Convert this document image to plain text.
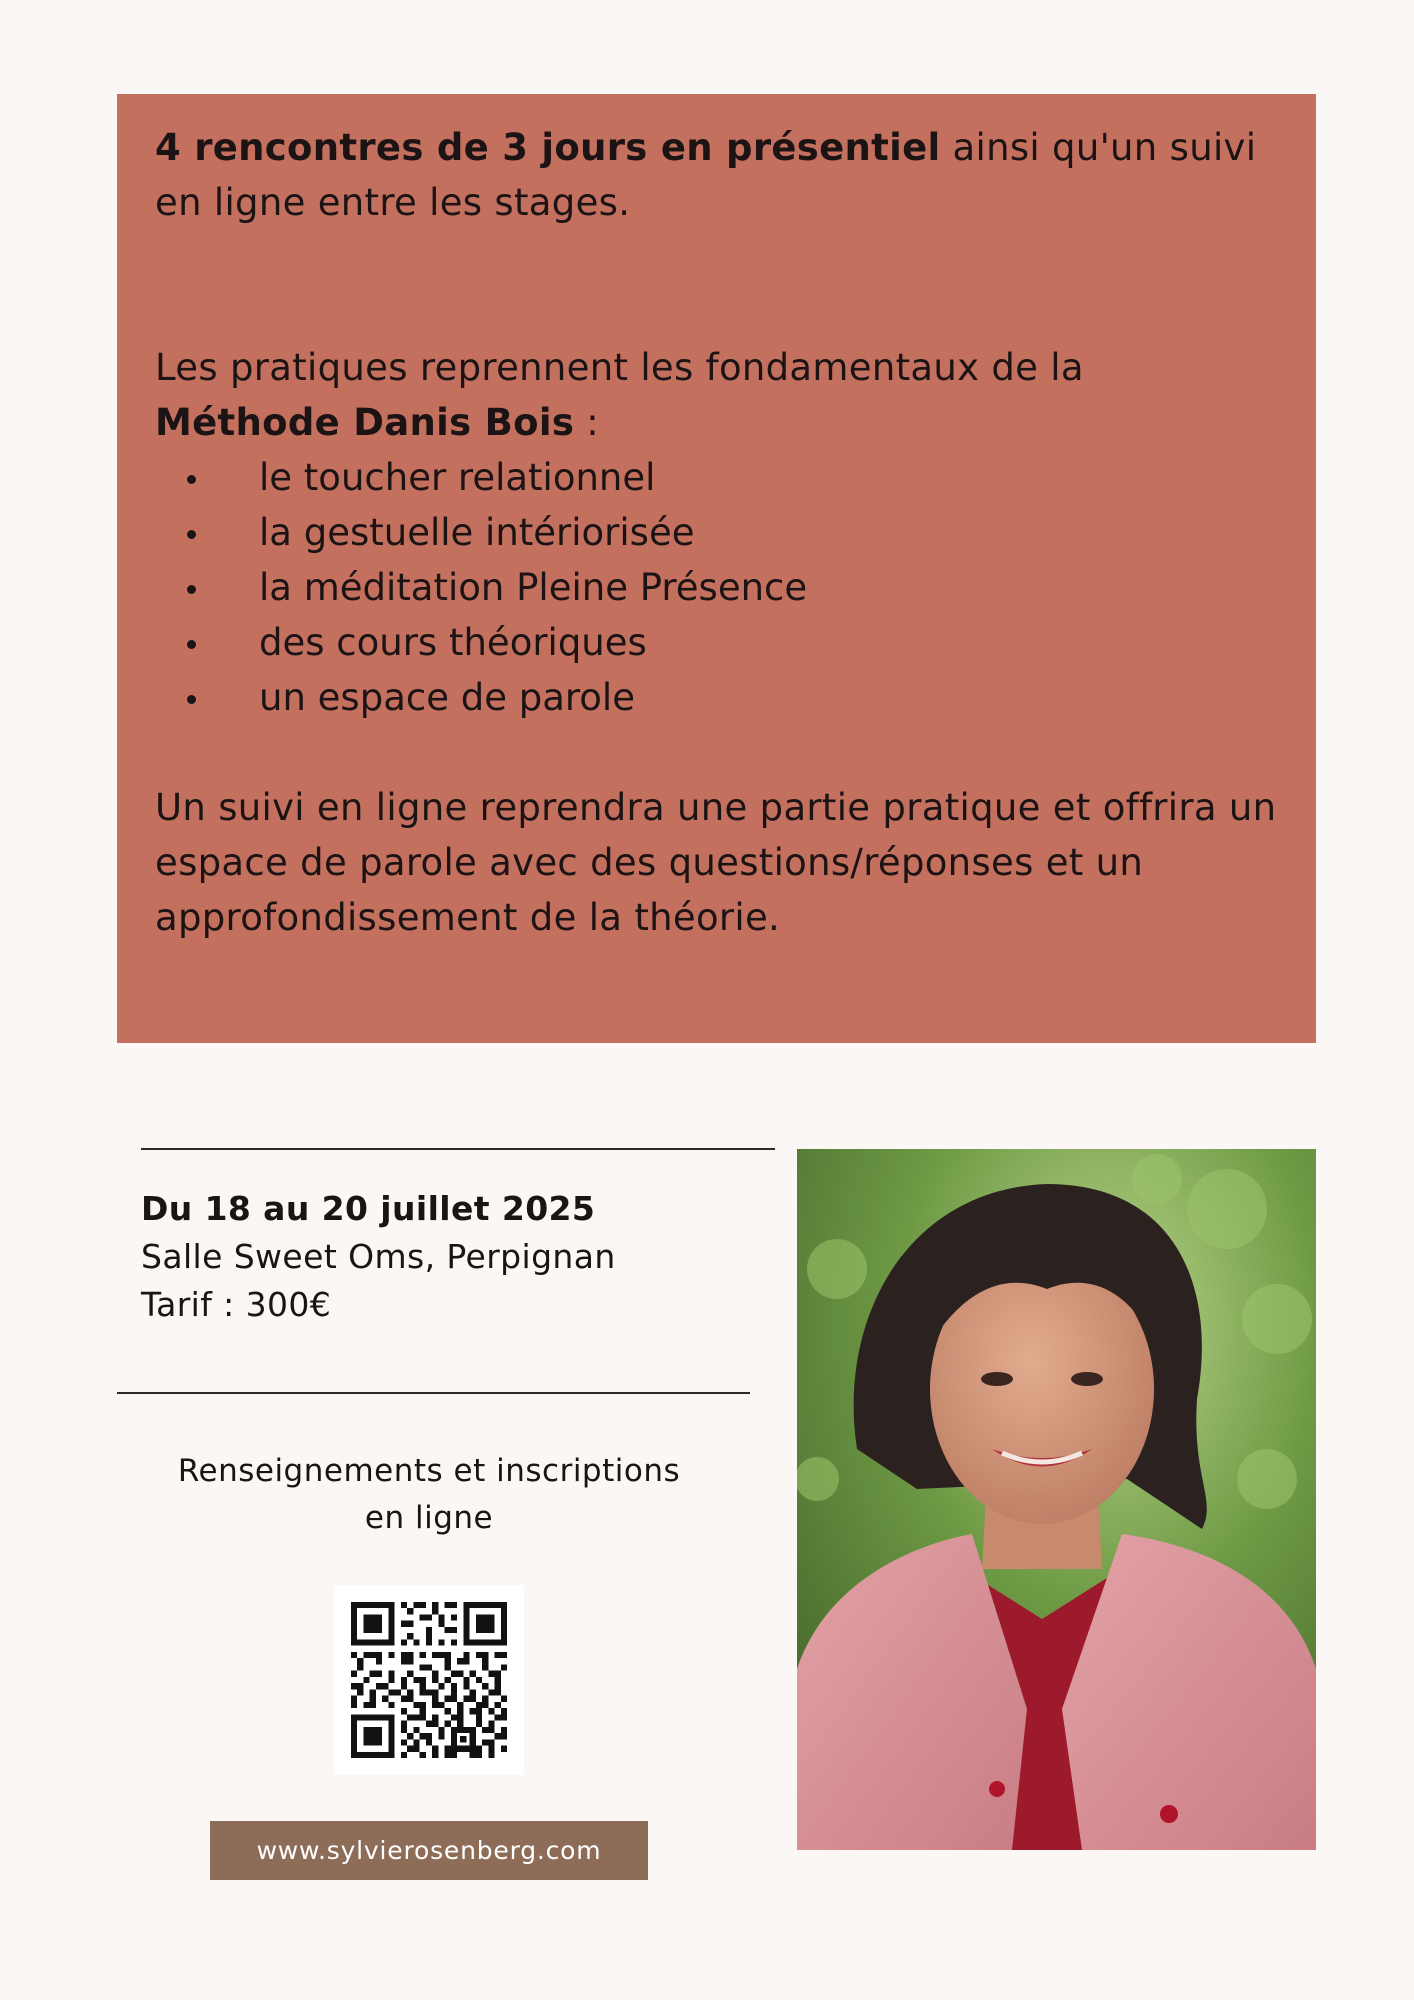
4 rencontres de 3 jours en présentiel ainsi qu'un suivi en ligne entre les stages.

Les pratiques reprennent les fondamentaux de la Méthode Danis Bois :

le toucher relationnel
la gestuelle intériorisée
la méditation Pleine Présence
des cours théoriques
un espace de parole

Un suivi en ligne reprendra une partie pratique et offrira un espace de parole avec des questions/réponses et un approfondissement de la théorie.

Du 18 au 20 juillet 2025
Salle Sweet Oms, Perpignan
Tarif : 300€
Renseignements et inscriptions
en ligne
www.sylvierosenberg.com
